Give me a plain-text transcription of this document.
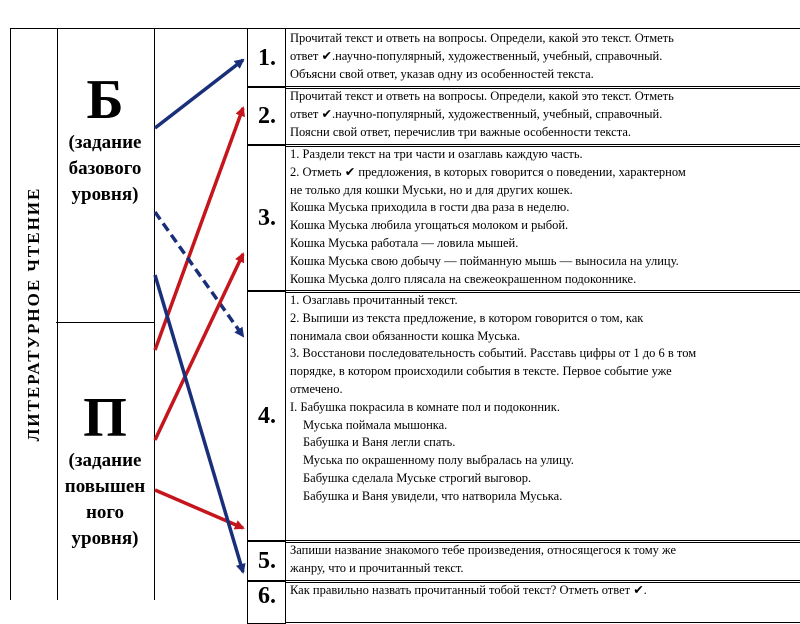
ЛИТЕРАТУРНОЕ ЧТЕНИЕ
Б
(задание
базового
уровня)
П
(задание
повышен
ного
уровня)
1.
2.
3.
4.
5.
6.
Прочитай текст и ответь на вопросы. Определи, какой это текст. Отметь
ответ ✔.научно-популярный, художественный, учебный, справочный.
Объясни свой ответ, указав одну из особенностей текста.
Прочитай текст и ответь на вопросы. Определи, какой это текст. Отметь
ответ ✔.научно-популярный, художественный, учебный, справочный.
Поясни свой ответ, перечислив три важные особенности текста.
1. Раздели текст на три части и озаглавь каждую часть.
2. Отметь ✔ предложения, в которых говорится о поведении, характерном
не только для кошки Муськи, но и для других кошек.
Кошка Муська приходила в гости два раза в неделю.
Кошка Муська любила угощаться молоком и рыбой.
Кошка Муська работала — ловила мышей.
Кошка Муська свою добычу — пойманную мышь — выносила на улицу.
Кошка Муська долго плясала на свежеокрашенном подоконнике.
1. Озаглавь прочитанный текст.
2. Выпиши из текста предложение, в котором говорится о том, как
понимала свои обязанности кошка Муська.
3. Восстанови последовательность событий. Расставь цифры от 1 до 6 в том
порядке, в котором происходили события в тексте. Первое событие уже
отмечено.
I. Бабушка покрасила в комнате пол и подоконник.
Муська поймала мышонка.
Бабушка и Ваня легли спать.
Муська по окрашенному полу выбралась на улицу.
Бабушка сделала Муське строгий выговор.
Бабушка и Ваня увидели, что натворила Муська.
Запиши название знакомого тебе произведения, относящегося к тому же
жанру, что и прочитанный текст.
Как правильно назвать прочитанный тобой текст? Отметь ответ ✔.
